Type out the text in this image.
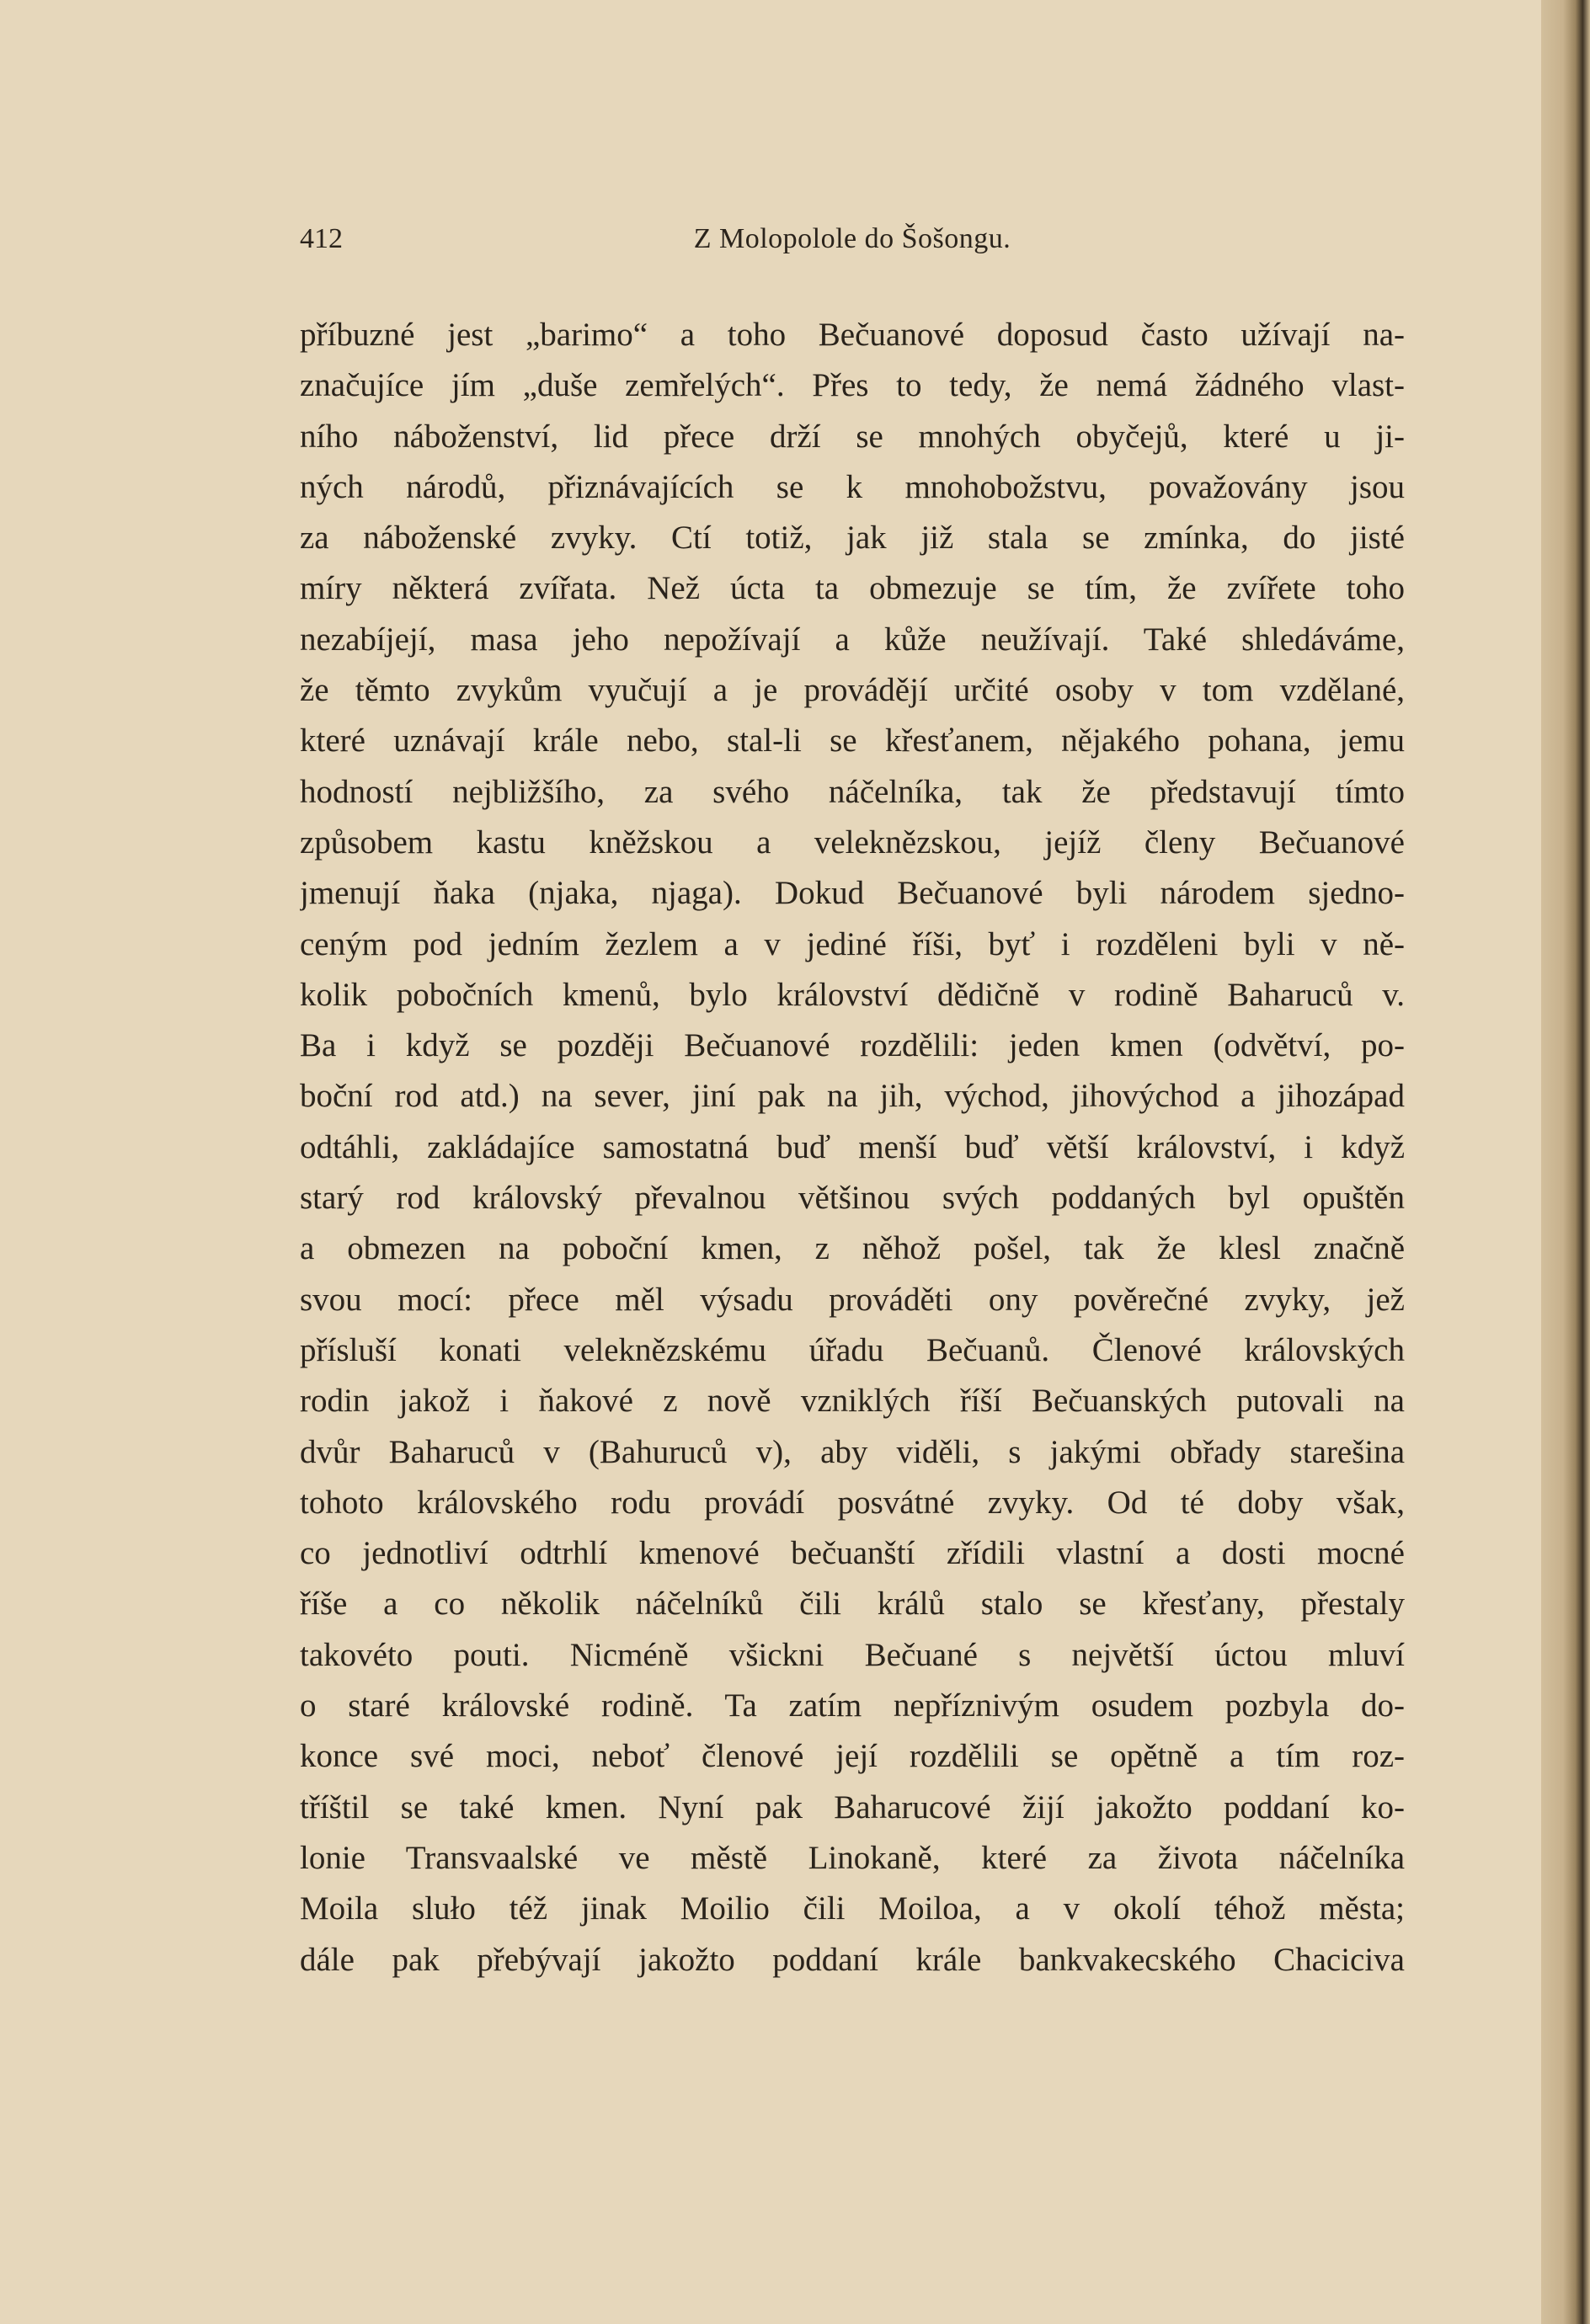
412	Z Molopolole do Šošongu.
příbuzné jest „barimo“ a toho Bečuanové doposud často užívají na-
značujíce jím „duše zemřelých“. Přes to tedy, že nemá žádného vlast-
ního náboženství, lid přece drží se mnohých obyčejů, které u ji-
ných národů, přiznávajících se k mnohobožstvu, považovány jsou
za náboženské zvyky. Ctí totiž, jak již stala se zmínka, do jisté
míry některá zvířata. Než úcta ta obmezuje se tím, že zvířete toho
nezabíjejí, masa jeho nepožívají a kůže neužívají. Také shledáváme,
že těmto zvykům vyučují a je provádějí určité osoby v tom vzdělané,
které uznávají krále nebo, stal-li se křesťanem, nějakého pohana, jemu
hodností nejbližšího, za svého náčelníka, tak že představují tímto
způsobem kastu kněžskou a veleknězskou, jejíž členy Bečuanové
jmenují ňaka (njaka, njaga). Dokud Bečuanové byli národem sjedno-
ceným pod jedním žezlem a v jediné říši, byť i rozděleni byli v ně-
kolik pobočních kmenů, bylo království dědičně v rodině Baharuců v.
Ba i když se později Bečuanové rozdělili: jeden kmen (odvětví, po-
boční rod atd.) na sever, jiní pak na jih, východ, jihovýchod a jihozápad
odtáhli, zakládajíce samostatná buď menší buď větší království, i když
starý rod královský převalnou většinou svých poddaných byl opuštěn
a obmezen na poboční kmen, z něhož pošel, tak že klesl značně
svou mocí: přece měl výsadu prováděti ony pověrečné zvyky, jež
přísluší konati veleknězskému úřadu Bečuanů. Členové královských
rodin jakož i ňakové z nově vzniklých říší Bečuanských putovali na
dvůr Baharuců v (Bahuruců v), aby viděli, s jakými obřady starešina
tohoto královského rodu provádí posvátné zvyky. Od té doby však,
co jednotliví odtrhlí kmenové bečuanští zřídili vlastní a dosti mocné
říše a co několik náčelníků čili králů stalo se křesťany, přestaly
takovéto pouti. Nicméně všickni Bečuané s největší úctou mluví
o staré královské rodině. Ta zatím nepříznivým osudem pozbyla do-
konce své moci, neboť členové její rozdělili se opětně a tím roz-
tříštil se také kmen. Nyní pak Baharucové žijí jakožto poddaní ko-
lonie Transvaalské ve městě Linokaně, které za života náčelníka
Moila sluło též jinak Moilio čili Moiloa, a v okolí téhož města;
dále pak přebývají jakožto poddaní krále bankvakecského Chaciciva
